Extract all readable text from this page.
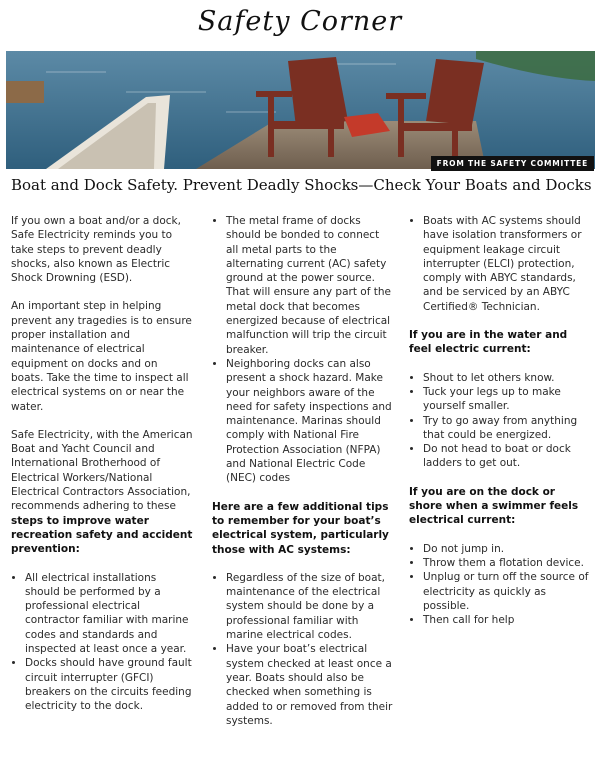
Safety Corner
FROM THE SAFETY COMMITTEE
Boat and Dock Safety. Prevent Deadly Shocks—Check Your Boats and Docks

If you own a boat and/or a dock, Safe Electricity reminds you to take steps to prevent deadly shocks, also known as Electric Shock Drowning (ESD).

An important step in helping prevent any tragedies is to ensure proper installation and maintenance of electrical equipment on docks and on boats. Take the time to inspect all electrical systems on or near the water.

Safe Electricity, with the American Boat and Yacht Council and International Brotherhood of Electrical Workers/National Electrical Contractors Association, recommends adhering to these steps to improve water recreation safety and accident prevention:

• All electrical installations should be performed by a professional electrical contractor familiar with marine codes and standards and inspected at least once a year.
• Docks should have ground fault circuit interrupter (GFCI) breakers on the circuits feeding electricity to the dock.
• The metal frame of docks should be bonded to connect all metal parts to the alternating current (AC) safety ground at the power source. That will ensure any part of the metal dock that becomes energized because of electrical malfunction will trip the circuit breaker.
• Neighboring docks can also present a shock hazard. Make your neighbors aware of the need for safety inspections and maintenance. Marinas should comply with National Fire Protection Association (NFPA) and National Electric Code (NEC) codes
Here are a few additional tips to remember for your boat’s electrical system, particularly those with AC systems:
• Regardless of the size of boat, maintenance of the electrical system should be done by a professional familiar with marine electrical codes.
• Have your boat’s electrical system checked at least once a year. Boats should also be checked when something is added to or removed from their systems.
• Boats with AC systems should have isolation transformers or equipment leakage circuit interrupter (ELCI) protection, comply with ABYC standards, and be serviced by an ABYC Certified® Technician.
If you are in the water and feel electric current:
• Shout to let others know.
• Tuck your legs up to make yourself smaller.
• Try to go away from anything that could be energized.
• Do not head to boat or dock ladders to get out.
If you are on the dock or shore when a swimmer feels electrical current:
• Do not jump in.
• Throw them a flotation device.
• Unplug or turn off the source of electricity as quickly as possible.
• Then call for help
